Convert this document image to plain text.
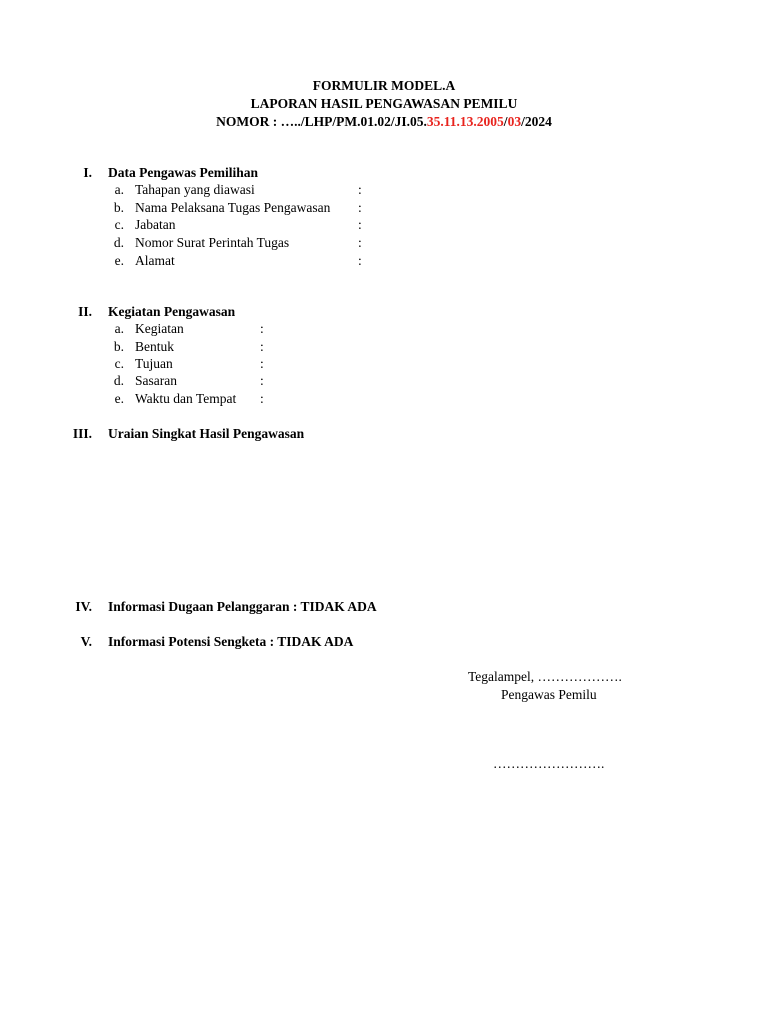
FORMULIR MODEL.A
LAPORAN HASIL PENGAWASAN PEMILU
NOMOR : …../LHP/PM.01.02/JI.05.35.11.13.2005/03/2024
I. Data Pengawas Pemilihan
a. Tahapan yang diawasi	:
b. Nama Pelaksana Tugas Pengawasan :
c. Jabatan	:
d. Nomor Surat Perintah Tugas	:
e. Alamat	:
II. Kegiatan Pengawasan
a. Kegiatan	:
b. Bentuk	:
c. Tujuan	:
d. Sasaran	:
e. Waktu dan Tempat :
III. Uraian Singkat Hasil Pengawasan
IV. Informasi Dugaan Pelanggaran : TIDAK ADA
V. Informasi Potensi Sengketa : TIDAK ADA
Tegalampel, ……………….
Pengawas Pemilu
…………………….
